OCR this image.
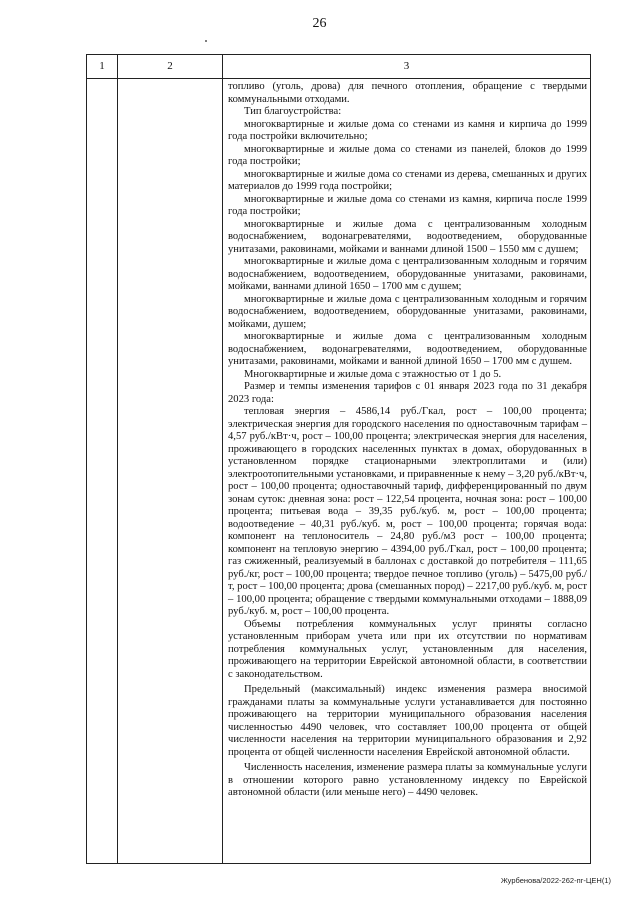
26
1	2	3

топливо (уголь, дрова) для печного отопления, обращение с твердыми коммунальными отходами.

Тип благоустройства:

многоквартирные и жилые дома со стенами из камня и кирпича до 1999 года постройки включительно;

многоквартирные и жилые дома со стенами из панелей, блоков до 1999 года постройки;

многоквартирные и жилые дома со стенами из дерева, смешанных и других материалов до 1999 года постройки;

многоквартирные и жилые дома со стенами из камня, кирпича после 1999 года постройки;

многоквартирные и жилые дома с централизованным холодным водоснабжением, водонагревателями, водоотведением, оборудованные унитазами, раковинами, мойками и ваннами длиной 1500 – 1550 мм с душем;

многоквартирные и жилые дома с централизованным холодным и горячим водоснабжением, водоотведением, оборудованные унитазами, раковинами, мойками, ваннами длиной 1650 – 1700 мм с душем;

многоквартирные и жилые дома с централизованным холодным и горячим водоснабжением, водоотведением, оборудованные унитазами, раковинами, мойками, душем;

многоквартирные и жилые дома с централизованным холодным водоснабжением, водонагревателями, водоотведением, оборудованные унитазами, раковинами, мойками и ванной длиной 1650 – 1700 мм с душем.

Многоквартирные и жилые дома с этажностью от 1 до 5.

Размер и темпы изменения тарифов с 01 января 2023 года по 31 декабря 2023 года:

тепловая энергия – 4586,14 руб./Гкал, рост – 100,00 процента; электрическая энергия для городского населения по одноставочным тарифам – 4,57 руб./кВт·ч, рост – 100,00 процента; электрическая энергия для населения, проживающего в городских населенных пунктах в домах, оборудованных в установленном порядке стационарными электроплитами и (или) электроотопительными установками, и приравненные к нему – 3,20 руб./кВт·ч, рост – 100,00 процента; одноставочный тариф, дифференцированный по двум зонам суток: дневная зона: рост – 122,54 процента, ночная зона: рост – 100,00 процента; питьевая вода – 39,35 руб./куб. м, рост – 100,00 процента; водоотведение – 40,31 руб./куб. м, рост – 100,00 процента; горячая вода: компонент на теплоноситель – 24,80 руб./м3 рост – 100,00 процента; компонент на тепловую энергию – 4394,00 руб./Гкал, рост – 100,00 процента; газ сжиженный, реализуемый в баллонах с доставкой до потребителя – 111,65 руб./кг, рост – 100,00 процента; твердое печное топливо (уголь) – 5475,00 руб./т, рост – 100,00 процента; дрова (смешанных пород) – 2217,00 руб./куб. м, рост – 100,00 процента; обращение с твердыми коммунальными отходами – 1888,09 руб./куб. м, рост – 100,00 процента.

Объемы потребления коммунальных услуг приняты согласно установленным приборам учета или при их отсутствии по нормативам потребления коммунальных услуг, установленным для населения, проживающего на территории Еврейской автономной области, в соответствии с законодательством.

Предельный (максимальный) индекс изменения размера вносимой гражданами платы за коммунальные услуги устанавливается для постоянно проживающего на территории муниципального образования населения численностью 4490 человек, что составляет 100,00 процента от общей численности населения на территории муниципального образования и 2,92 процента от общей численности населения Еврейской автономной области.

Численность населения, изменение размера платы за коммунальные услуги в отношении которого равно установленному индексу по Еврейской автономной области (или меньше него) – 4490 человек.

Журбенова/2022-262-пг-ЦЕН(1)
